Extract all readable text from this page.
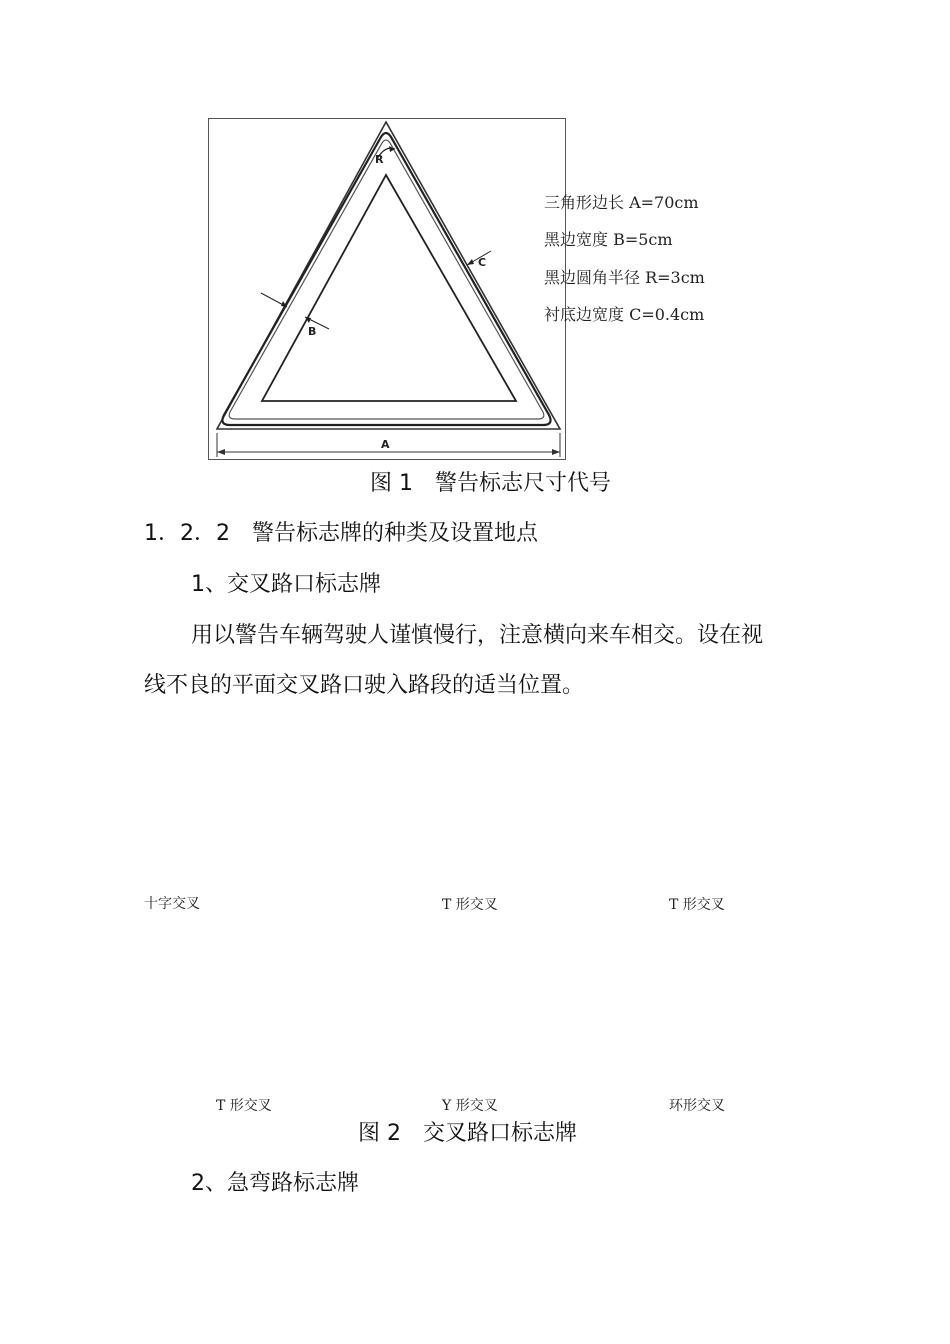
R
C
B
A
三角形边长 A=70cm
黑边宽度 B=5cm
黑边圆角半径 R=3cm
衬底边宽度 C=0.4cm
图 1　警告标志尺寸代号
1．2．2　警告标志牌的种类及设置地点
1、交叉路口标志牌
用以警告车辆驾驶人谨慎慢行，注意横向来车相交。设在视
线不良的平面交叉路口驶入路段的适当位置。
十字交叉	T 形交叉	T 形交叉
T 形交叉	Y 形交叉	环形交叉
图 2　交叉路口标志牌
2、急弯路标志牌
